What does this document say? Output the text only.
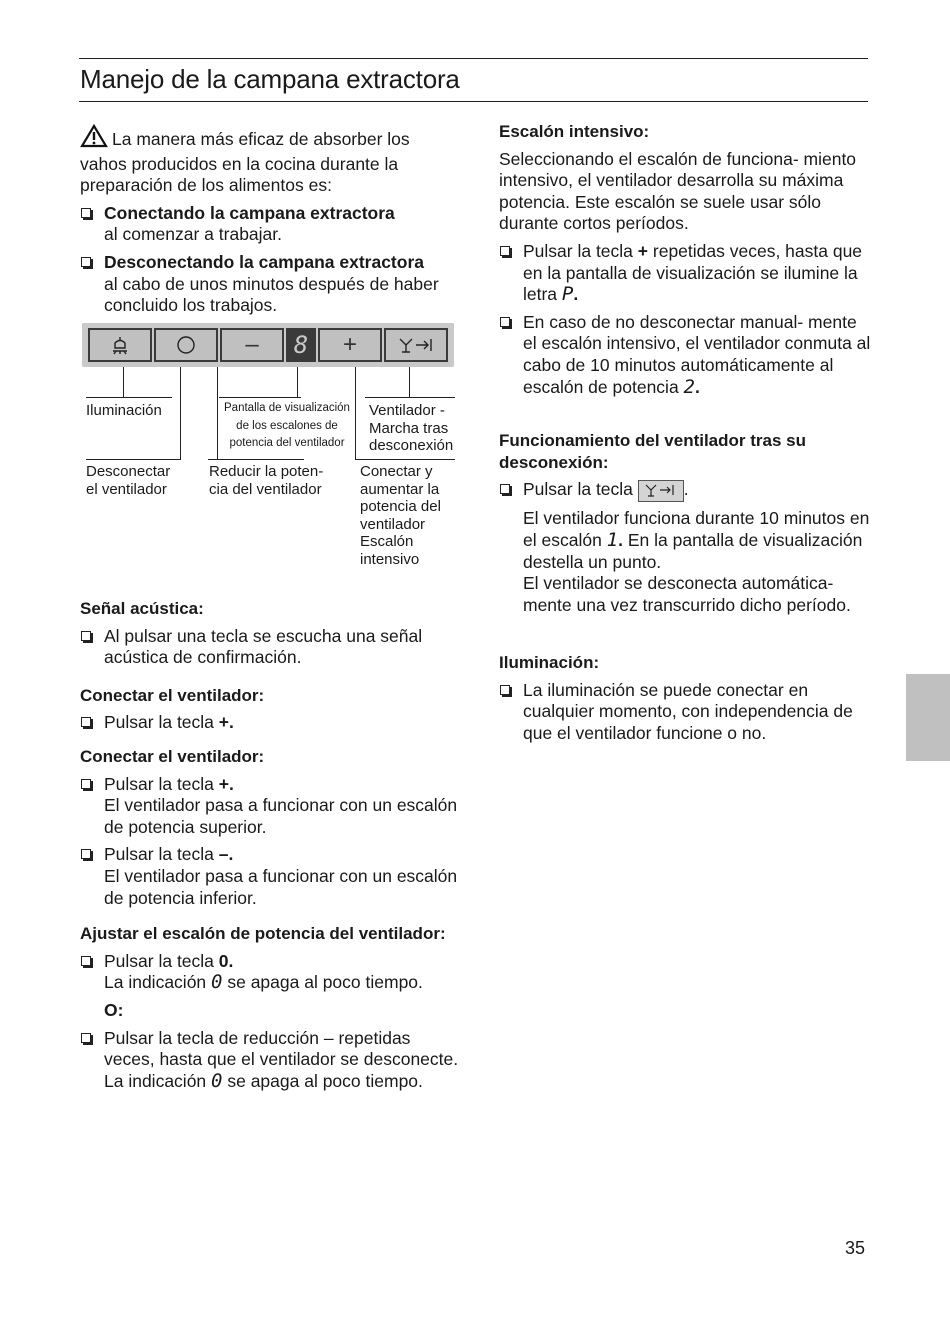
Manejo de la campana extractora

La manera más eficaz de absorber los vahos producidos en la cocina durante la preparación de los alimentos es:

Conectando la campana extractora
al comenzar a trabajar.
Desconectando la campana extractora
al cabo de unos minutos después de haber concluido los trabajos.
– 8 +
Iluminación	Pantalla de visualización de los escalones de potencia del ventilador
Ventilador - Marcha tras desconexión
Desconectar el ventilador
Reducir la poten- cia del ventilador
Conectar y aumentar la potencia del ventilador Escalón intensivo

Señal acústica:

Al pulsar una tecla se escucha una señal acústica de confirmación.

Conectar el ventilador:

Pulsar la tecla +.

Conectar el ventilador:

Pulsar la tecla +.
El ventilador pasa a funcionar con un escalón de potencia superior.
Pulsar la tecla –.
El ventilador pasa a funcionar con un escalón de potencia inferior.

Ajustar el escalón de potencia del ventilador:

Pulsar la tecla 0.
La indicación 0 se apaga al poco tiempo.

O:

Pulsar la tecla de reducción – repetidas veces, hasta que el ventilador se desconecte.
La indicación 0 se apaga al poco tiempo.

Escalón intensivo:

Seleccionando el escalón de funciona- miento intensivo, el ventilador desarrolla su máxima potencia. Este escalón se suele usar sólo durante cortos períodos.

Pulsar la tecla + repetidas veces, hasta que en la pantalla de visualización se ilumine la letra P.
En caso de no desconectar manual- mente el escalón intensivo, el ventilador conmuta al cabo de 10 minutos automáticamente al escalón de potencia 2.

Funcionamiento del ventilador tras su desconexión:

Pulsar la tecla	.

El ventilador funciona durante 10 minutos en el escalón 1. En la pantalla de visualización destella un punto.

El ventilador se desconecta automática- mente una vez transcurrido dicho período.

Iluminación:

La iluminación se puede conectar en cualquier momento, con independencia de que el ventilador funcione o no.
35
